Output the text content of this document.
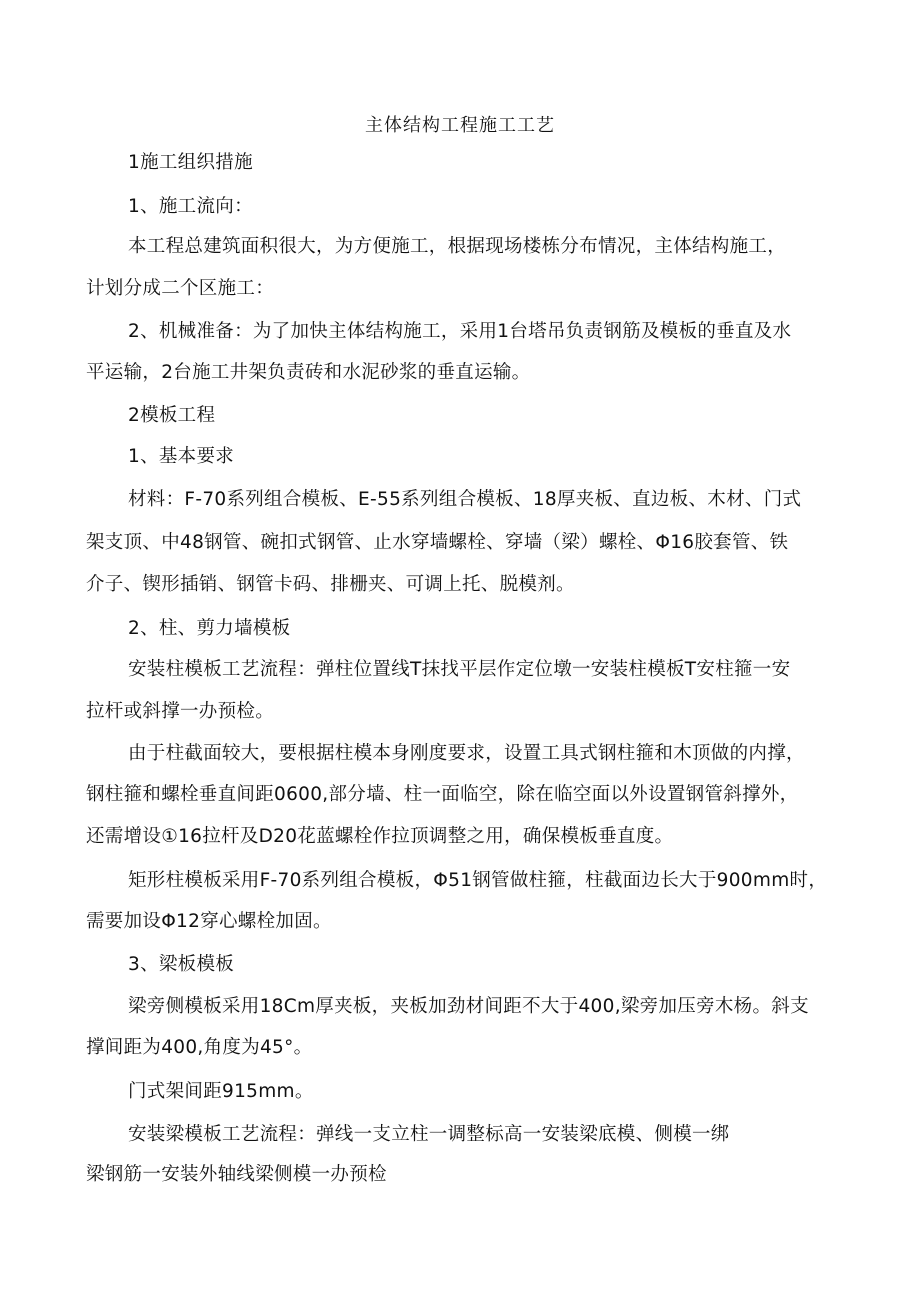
主体结构工程施工工艺
1施工组织措施
1、施工流向：
本工程总建筑面积很大，为方便施工，根据现场楼栋分布情况，主体结构施工，
计划分成二个区施工：
2、机械准备：为了加快主体结构施工，采用1台塔吊负责钢筋及模板的垂直及水
平运输，2台施工井架负责砖和水泥砂浆的垂直运输。
2模板工程
1、基本要求
材料：F-70系列组合模板、E-55系列组合模板、18厚夹板、直边板、木材、门式
架支顶、中48钢管、碗扣式钢管、止水穿墙螺栓、穿墙（梁）螺栓、Φ16胶套管、铁
介子、锲形插销、钢管卡码、排栅夹、可调上托、脱模剂。
2、柱、剪力墙模板
安装柱模板工艺流程：弹柱位置线T抹找平层作定位墩一安装柱模板T安柱箍一安
拉杆或斜撑一办预检。
由于柱截面较大，要根据柱模本身刚度要求，设置工具式钢柱箍和木顶做的内撑，
钢柱箍和螺栓垂直间距0600,部分墙、柱一面临空，除在临空面以外设置钢管斜撑外，
还需增设①16拉杆及D20花蓝螺栓作拉顶调整之用，确保模板垂直度。
矩形柱模板采用F-70系列组合模板，Φ51钢管做柱箍，柱截面边长大于900mm时，
需要加设Φ12穿心螺栓加固。
3、梁板模板
梁旁侧模板采用18Cm厚夹板，夹板加劲材间距不大于400,梁旁加压旁木杨。斜支
撑间距为400,角度为45°。
门式架间距915mm。
安装梁模板工艺流程：弹线一支立柱一调整标高一安装梁底模、侧模一绑
梁钢筋一安装外轴线梁侧模一办预检
